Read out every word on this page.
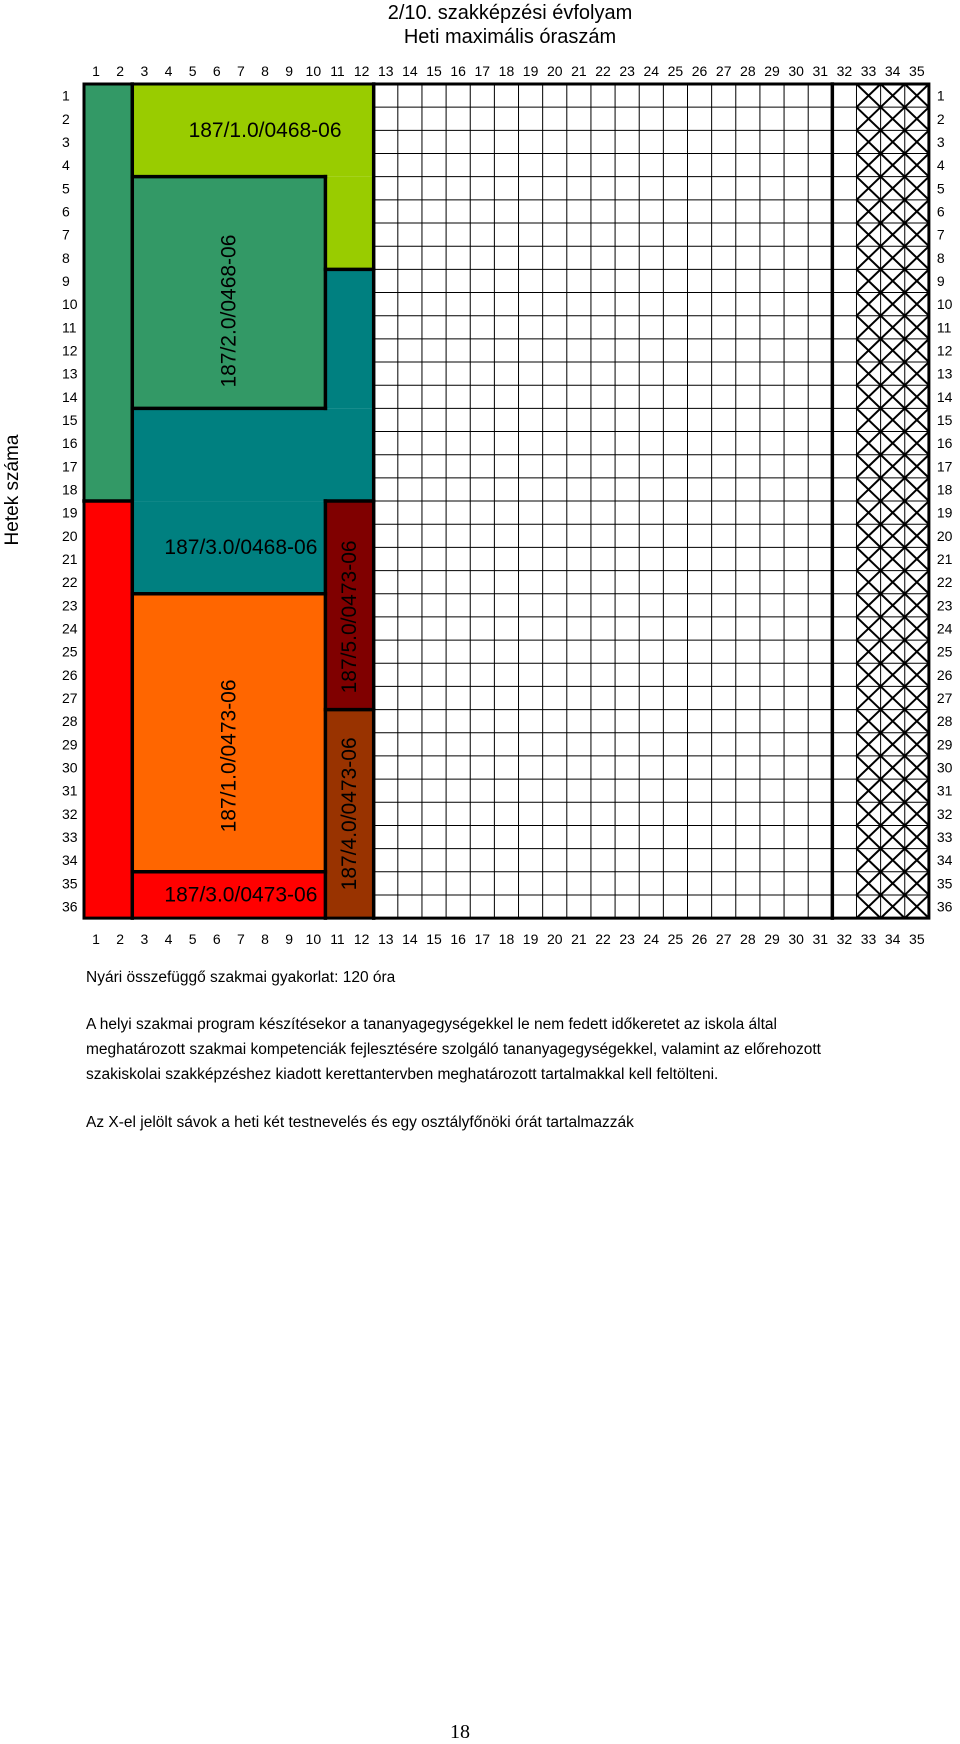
2/10. szakképzési évfolyam
Heti maximális óraszám
Hetek száma
187/1.0/0468-06
187/2.0/0468-06
187/3.0/0468-06
187/1.0/0473-06
187/3.0/0473-06
187/5.0/0473-06
187/4.0/0473-06
1
1
2
2
3
3
4
4
5
5
6
6
7
7
8
8
9
9
10
10
11
11
12
12
13
13
14
14
15
15
16
16
17
17
18
18
19
19
20
20
21
21
22
22
23
23
24
24
25
25
26
26
27
27
28
28
29
29
30
30
31
31
32
32
33
33
34
34
35
35
1	1
2	2
3	3
4	4
5	5
6	6
7	7
8	8
9	9
10	10
11	11
12	12
13	13
14	14
15	15
16	16
17	17
18	18
19	19
20	20
21	21
22	22
23	23
24	24
25	25
26	26
27	27
28	28
29	29
30	30
31	31
32	32
33	33
34	34
35	35
36	36
Nyári összefüggő szakmai gyakorlat: 120 óra
A helyi szakmai program készítésekor a tananyagegységekkel le nem fedett időkeretet az iskola által
meghatározott szakmai kompetenciák fejlesztésére szolgáló tananyagegységekkel, valamint az előrehozott
szakiskolai szakképzéshez kiadott kerettantervben meghatározott tartalmakkal kell feltölteni.
Az X-el jelölt sávok a heti két testnevelés és egy osztályfőnöki órát tartalmazzák
18
